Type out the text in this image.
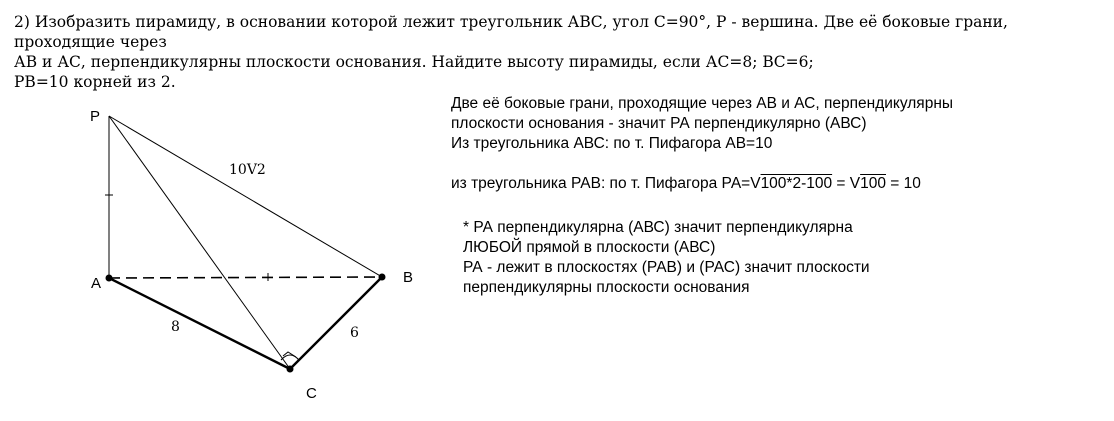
2) Изобразить пирамиду, в основании которой лежит треугольник АВС, угол С=90°, Р - вершина. Две её боковые грани, проходящие через

АВ и АС, перпендикулярны плоскости основания. Найдите высоту пирамиды, если АС=8; ВС=6;

РВ=10 корней из 2.

P
A	B
C
10V2
8	6

Две её боковые грани, проходящие через АВ и АС, перпендикулярны

плоскости основания - значит РА перпендикулярно (АВС)

Из треугольника АВС: по т. Пифагора АВ=10

из треугольника РАВ: по т. Пифагора РА=V100*2-100 = V100 = 10

* РА перпендикулярна (АВС) значит перпендикулярна

ЛЮБОЙ прямой в плоскости (АВС)

РА - лежит в плоскостях (РАВ) и (РАС) значит плоскости

перпендикулярны плоскости основания
